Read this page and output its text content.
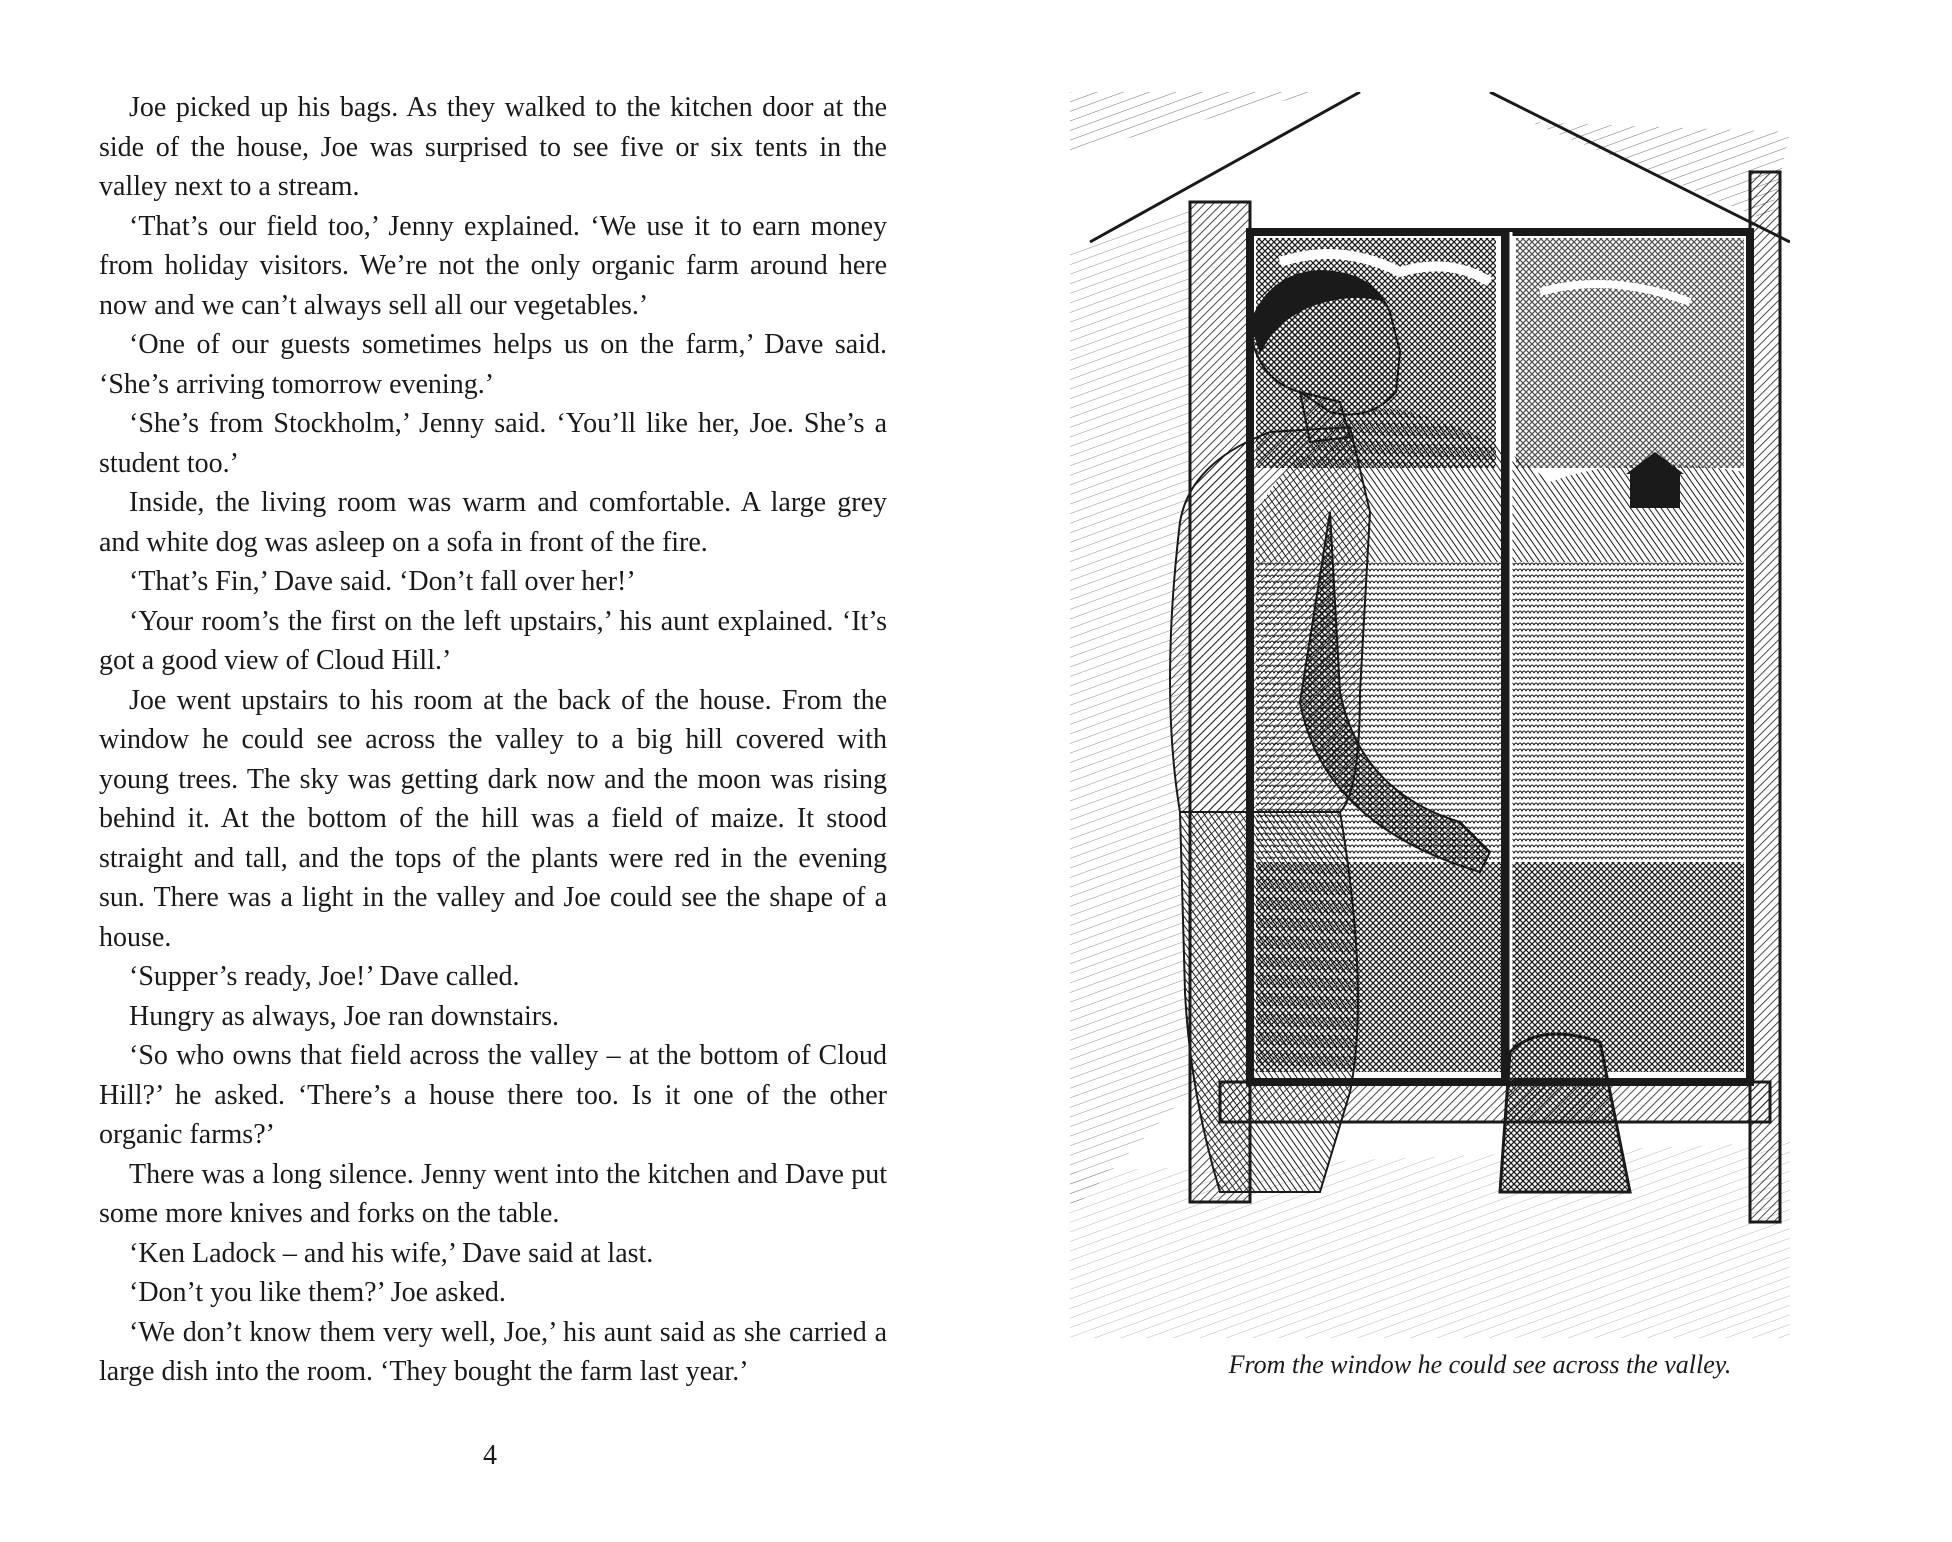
Joe picked up his bags. As they walked to the kitchen door at the side of the house, Joe was surprised to see five or six tents in the valley next to a stream.

‘That’s our field too,’ Jenny explained. ‘We use it to earn money from holiday visitors. We’re not the only organic farm around here now and we can’t always sell all our vegetables.’

‘One of our guests sometimes helps us on the farm,’ Dave said. ‘She’s arriving tomorrow evening.’

‘She’s from Stockholm,’ Jenny said. ‘You’ll like her, Joe. She’s a student too.’

Inside, the living room was warm and comfortable. A large grey and white dog was asleep on a sofa in front of the fire.

‘That’s Fin,’ Dave said. ‘Don’t fall over her!’

‘Your room’s the first on the left upstairs,’ his aunt explained. ‘It’s got a good view of Cloud Hill.’

Joe went upstairs to his room at the back of the house. From the window he could see across the valley to a big hill covered with young trees. The sky was getting dark now and the moon was rising behind it. At the bottom of the hill was a field of maize. It stood straight and tall, and the tops of the plants were red in the evening sun. There was a light in the valley and Joe could see the shape of a house.

‘Supper’s ready, Joe!’ Dave called.

Hungry as always, Joe ran downstairs.

‘So who owns that field across the valley – at the bottom of Cloud Hill?’ he asked. ‘There’s a house there too. Is it one of the other organic farms?’

There was a long silence. Jenny went into the kitchen and Dave put some more knives and forks on the table.

‘Ken Ladock – and his wife,’ Dave said at last.

‘Don’t you like them?’ Joe asked.

‘We don’t know them very well, Joe,’ his aunt said as she carried a large dish into the room. ‘They bought the farm last year.’

4
From the window he could see across the valley.
